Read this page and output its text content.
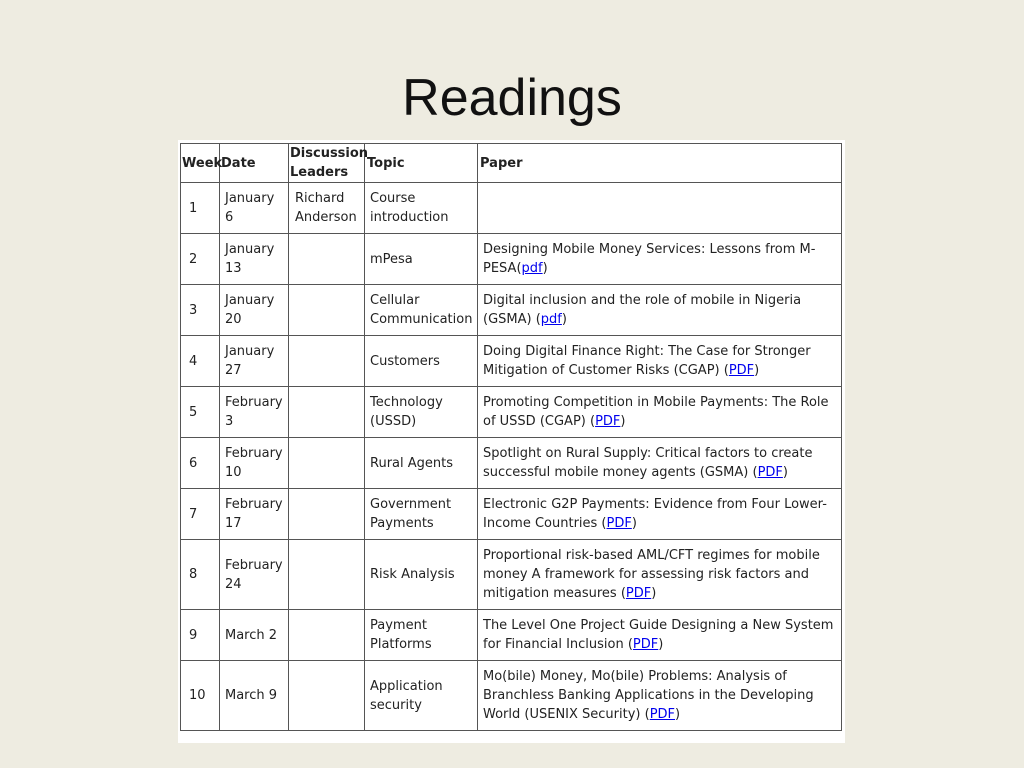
Readings
Week	Date	Discussion Leaders	Topic	Paper
1	January 6	Richard Anderson	Course introduction	
2	January 13		mPesa	Designing Mobile Money Services: Lessons from M-PESA(pdf)
3	January 20		Cellular Communication	Digital inclusion and the role of mobile in Nigeria (GSMA) (pdf)
4	January 27		Customers	Doing Digital Finance Right: The Case for Stronger Mitigation of Customer Risks (CGAP) (PDF)
5	February 3		Technology (USSD)	Promoting Competition in Mobile Payments: The Role of USSD (CGAP) (PDF)
6	February 10		Rural Agents	Spotlight on Rural Supply: Critical factors to create successful mobile money agents (GSMA) (PDF)
7	February 17		Government Payments	Electronic G2P Payments: Evidence from Four Lower-Income Countries (PDF)
8	February 24		Risk Analysis	Proportional risk-based AML/CFT regimes for mobile money A framework for assessing risk factors and mitigation measures (PDF)
9	March 2		Payment Platforms	The Level One Project Guide Designing a New System for Financial Inclusion (PDF)
10	March 9		Application security	Mo(bile) Money, Mo(bile) Problems: Analysis of Branchless Banking Applications in the Developing World (USENIX Security) (PDF)
